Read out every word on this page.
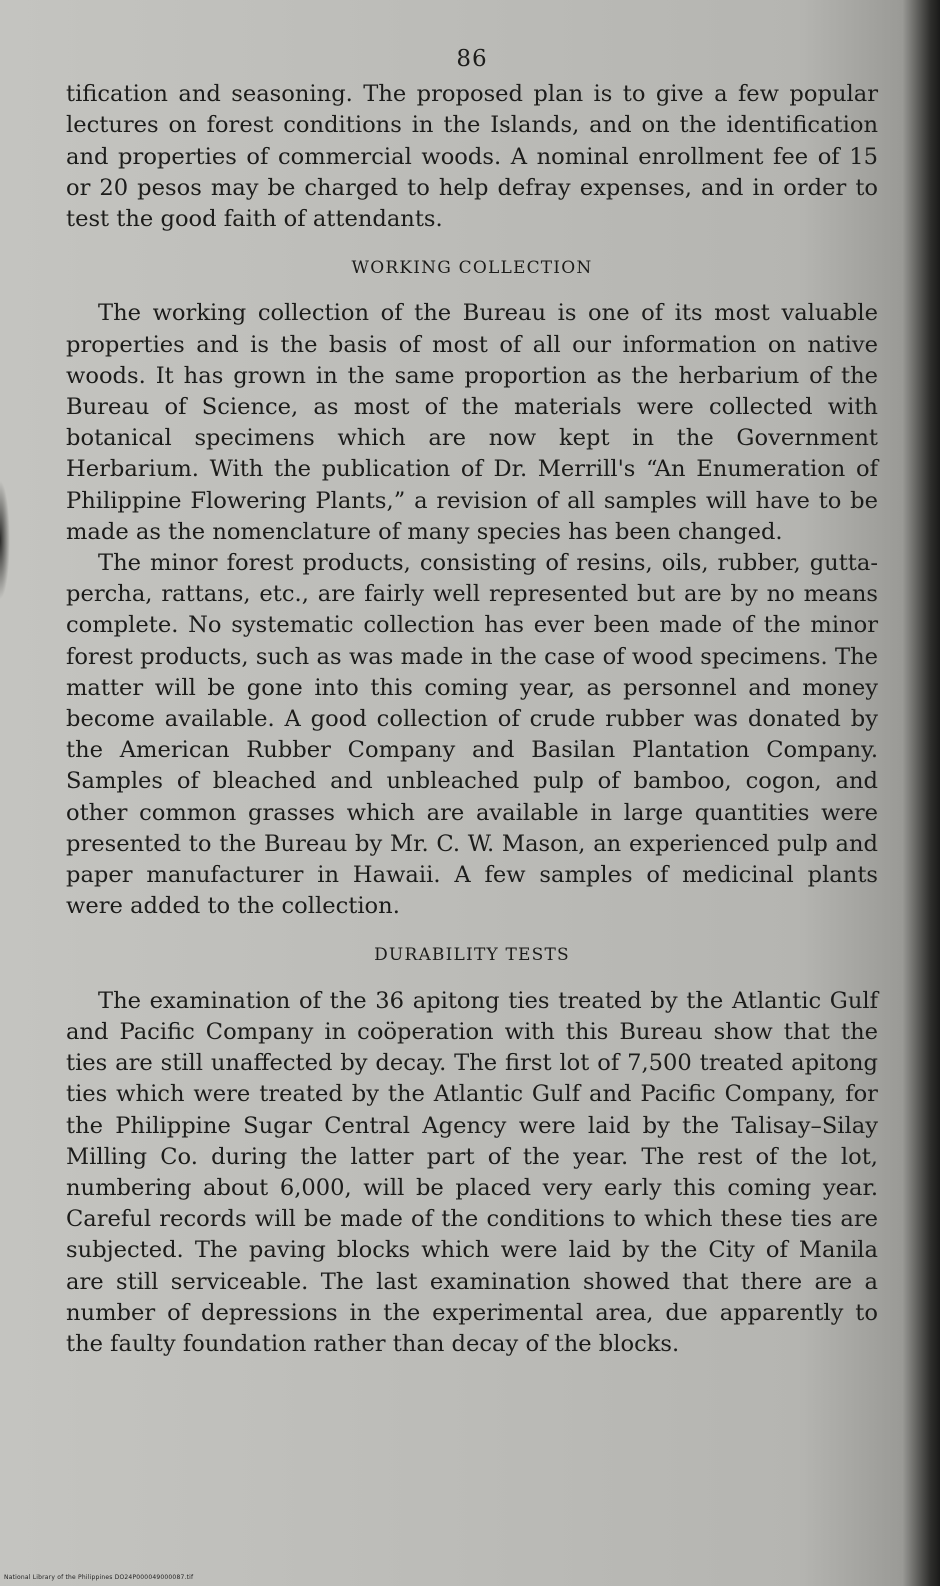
86

tification and seasoning. The proposed plan is to give a few popular lectures on forest conditions in the Islands, and on the identification and properties of commercial woods. A nominal enrollment fee of 15 or 20 pesos may be charged to help defray expenses, and in order to test the good faith of attendants.

WORKING COLLECTION

The working collection of the Bureau is one of its most valuable properties and is the basis of most of all our information on native woods. It has grown in the same proportion as the herbarium of the Bureau of Science, as most of the materials were collected with botanical specimens which are now kept in the Government Herbarium. With the publication of Dr. Merrill's “An Enumeration of Philippine Flowering Plants,” a revision of all samples will have to be made as the nomenclature of many species has been changed.

The minor forest products, consisting of resins, oils, rubber, gutta-percha, rattans, etc., are fairly well represented but are by no means complete. No systematic collection has ever been made of the minor forest products, such as was made in the case of wood specimens. The matter will be gone into this coming year, as personnel and money become available. A good collection of crude rubber was donated by the American Rubber Company and Basilan Plantation Company. Samples of bleached and unbleached pulp of bamboo, cogon, and other common grasses which are available in large quantities were presented to the Bureau by Mr. C. W. Mason, an experienced pulp and paper manufacturer in Hawaii. A few samples of medicinal plants were added to the collection.

DURABILITY TESTS

The examination of the 36 apitong ties treated by the Atlantic Gulf and Pacific Company in coöperation with this Bureau show that the ties are still unaffected by decay. The first lot of 7,500 treated apitong ties which were treated by the Atlantic Gulf and Pacific Company, for the Philippine Sugar Central Agency were laid by the Talisay–Silay Milling Co. during the latter part of the year. The rest of the lot, numbering about 6,000, will be placed very early this coming year. Careful records will be made of the conditions to which these ties are subjected. The paving blocks which were laid by the City of Manila are still serviceable. The last examination showed that there are a number of depressions in the experimental area, due apparently to the faulty foundation rather than decay of the blocks.

National Library of the Philippines DO24P000049000087.tif
